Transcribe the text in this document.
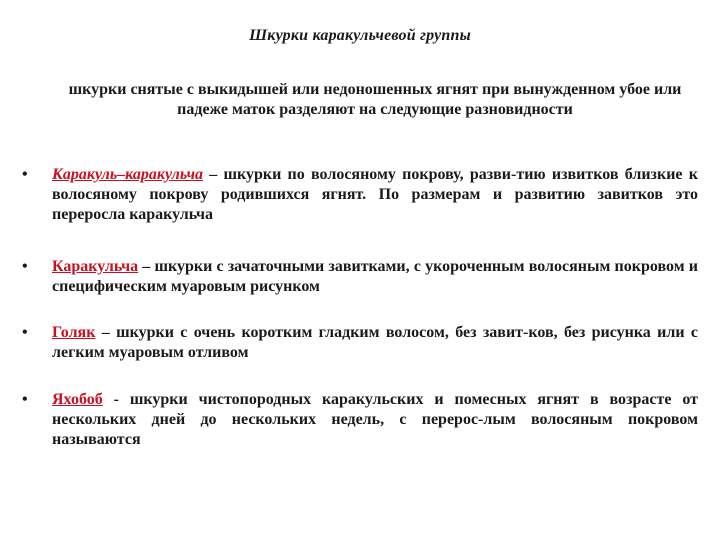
Шкурки каракульчевой группы
шкурки снятые с выкидышей или недоношенных ягнят при вынужденном убое или падеже маток разделяют на следующие разновидности
•	Каракуль–каракульча – шкурки по волосяному покрову, разви-тию извитков близкие к волосяному покрову родившихся ягнят. По размерам и развитию завитков это переросла каракульча
•	Каракульча – шкурки с зачаточными завитками, с укороченным волосяным покровом и специфическим муаровым рисунком
•	Голяк – шкурки с очень коротким гладким волосом, без завит-ков, без рисунка или с легким муаровым отливом
•	Яхобоб - шкурки чистопородных каракульских и помесных ягнят в возрасте от нескольких дней до нескольких недель, с перерос-лым волосяным покровом называются
